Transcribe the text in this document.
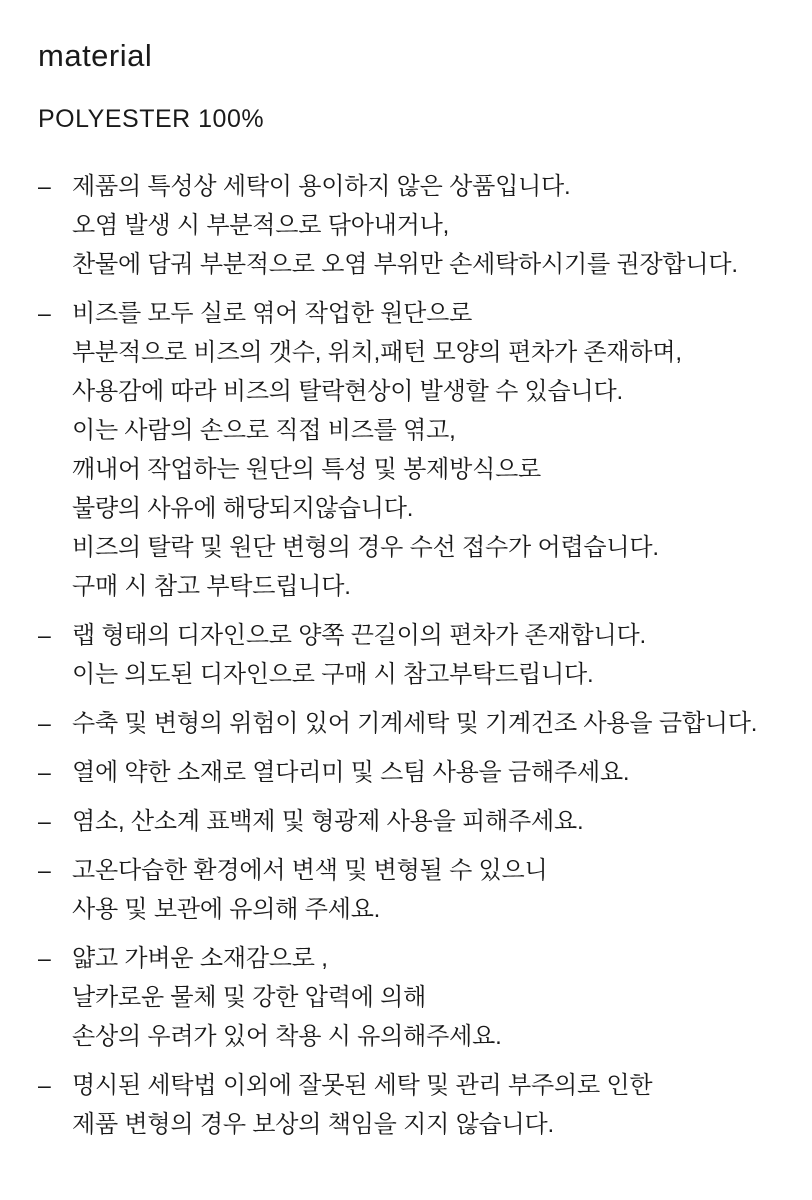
material

POLYESTER 100%

– 제품의 특성상 세탁이 용이하지 않은 상품입니다.

오염 발생 시 부분적으로 닦아내거나,

찬물에 담궈 부분적으로 오염 부위만 손세탁하시기를 권장합니다.

– 비즈를 모두 실로 엮어 작업한 원단으로

부분적으로 비즈의 갯수, 위치,패턴 모양의 편차가 존재하며,

사용감에 따라 비즈의 탈락현상이 발생할 수 있습니다.

이는 사람의 손으로 직접 비즈를 엮고,

깨내어 작업하는 원단의 특성 및 봉제방식으로

불량의 사유에 해당되지않습니다.

비즈의 탈락 및 원단 변형의 경우 수선 접수가 어렵습니다.

구매 시 참고 부탁드립니다.

– 랩 형태의 디자인으로 양쪽 끈길이의 편차가 존재합니다.

이는 의도된 디자인으로 구매 시 참고부탁드립니다.

– 수축 및 변형의 위험이 있어 기계세탁 및 기계건조 사용을 금합니다.

– 열에 약한 소재로 열다리미 및 스팀 사용을 금해주세요.

– 염소, 산소계 표백제 및 형광제 사용을 피해주세요.

– 고온다습한 환경에서 변색 및 변형될 수 있으니

사용 및 보관에 유의해 주세요.

– 얇고 가벼운 소재감으로 ,

날카로운 물체 및 강한 압력에 의해

손상의 우려가 있어 착용 시 유의해주세요.

– 명시된 세탁법 이외에 잘못된 세탁 및 관리 부주의로 인한

제품 변형의 경우 보상의 책임을 지지 않습니다.
